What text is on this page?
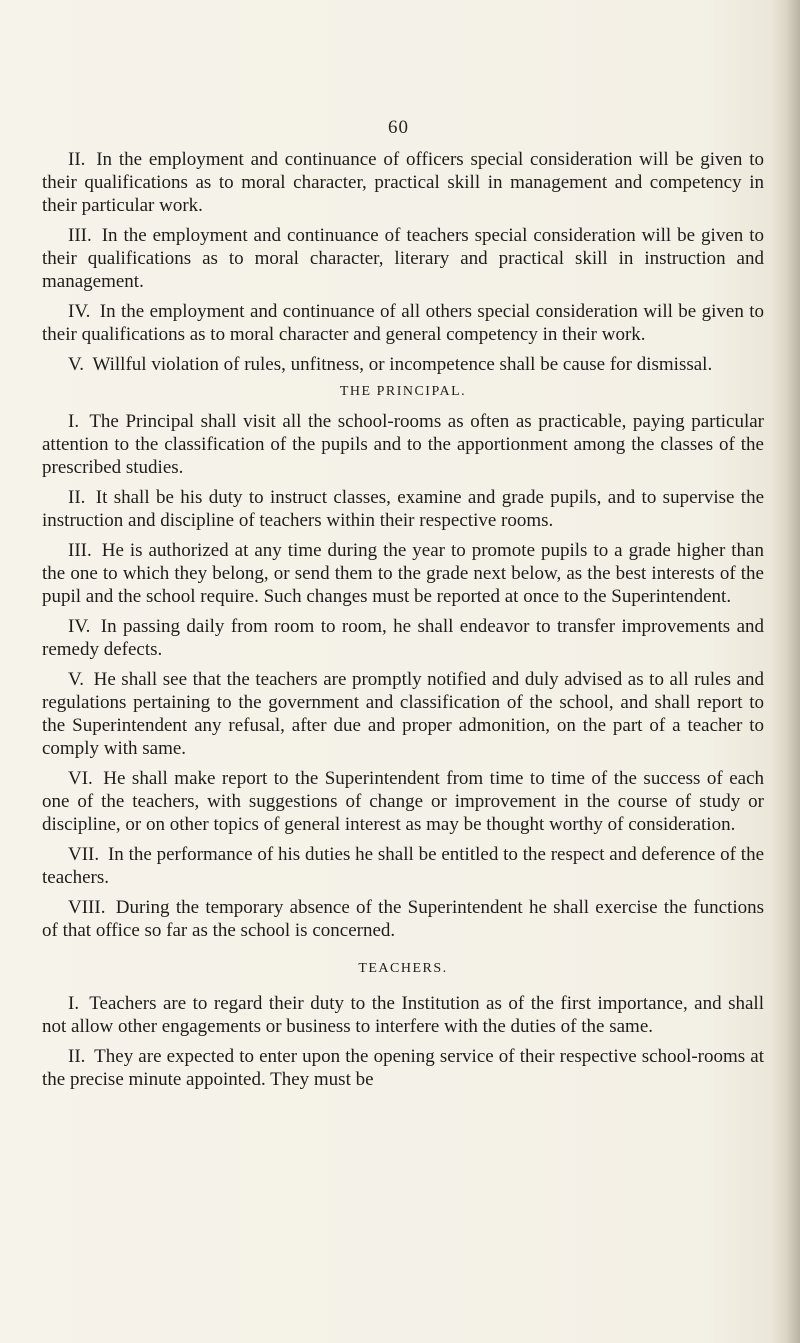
60

II. In the employment and continuance of officers special consideration will be given to their qualifications as to moral character, practical skill in management and competency in their particular work.

III. In the employment and continuance of teachers special consideration will be given to their qualifications as to moral character, literary and practical skill in instruction and management.

IV. In the employment and continuance of all others special consideration will be given to their qualifications as to moral character and general competency in their work.

V. Willful violation of rules, unfitness, or incompetence shall be cause for dismissal.

THE PRINCIPAL.

I. The Principal shall visit all the school-rooms as often as practicable, paying particular attention to the classification of the pupils and to the apportionment among the classes of the prescribed studies.

II. It shall be his duty to instruct classes, examine and grade pupils, and to supervise the instruction and discipline of teachers within their respective rooms.

III. He is authorized at any time during the year to promote pupils to a grade higher than the one to which they belong, or send them to the grade next below, as the best interests of the pupil and the school require. Such changes must be reported at once to the Superintendent.

IV. In passing daily from room to room, he shall endeavor to transfer improvements and remedy defects.

V. He shall see that the teachers are promptly notified and duly advised as to all rules and regulations pertaining to the government and classification of the school, and shall report to the Superintendent any refusal, after due and proper admonition, on the part of a teacher to comply with same.

VI. He shall make report to the Superintendent from time to time of the success of each one of the teachers, with suggestions of change or improvement in the course of study or discipline, or on other topics of general interest as may be thought worthy of consideration.

VII. In the performance of his duties he shall be entitled to the respect and deference of the teachers.

VIII. During the temporary absence of the Superintendent he shall exercise the functions of that office so far as the school is concerned.

TEACHERS.

I. Teachers are to regard their duty to the Institution as of the first importance, and shall not allow other engagements or business to interfere with the duties of the same.

II. They are expected to enter upon the opening service of their respective school-rooms at the precise minute appointed. They must be
